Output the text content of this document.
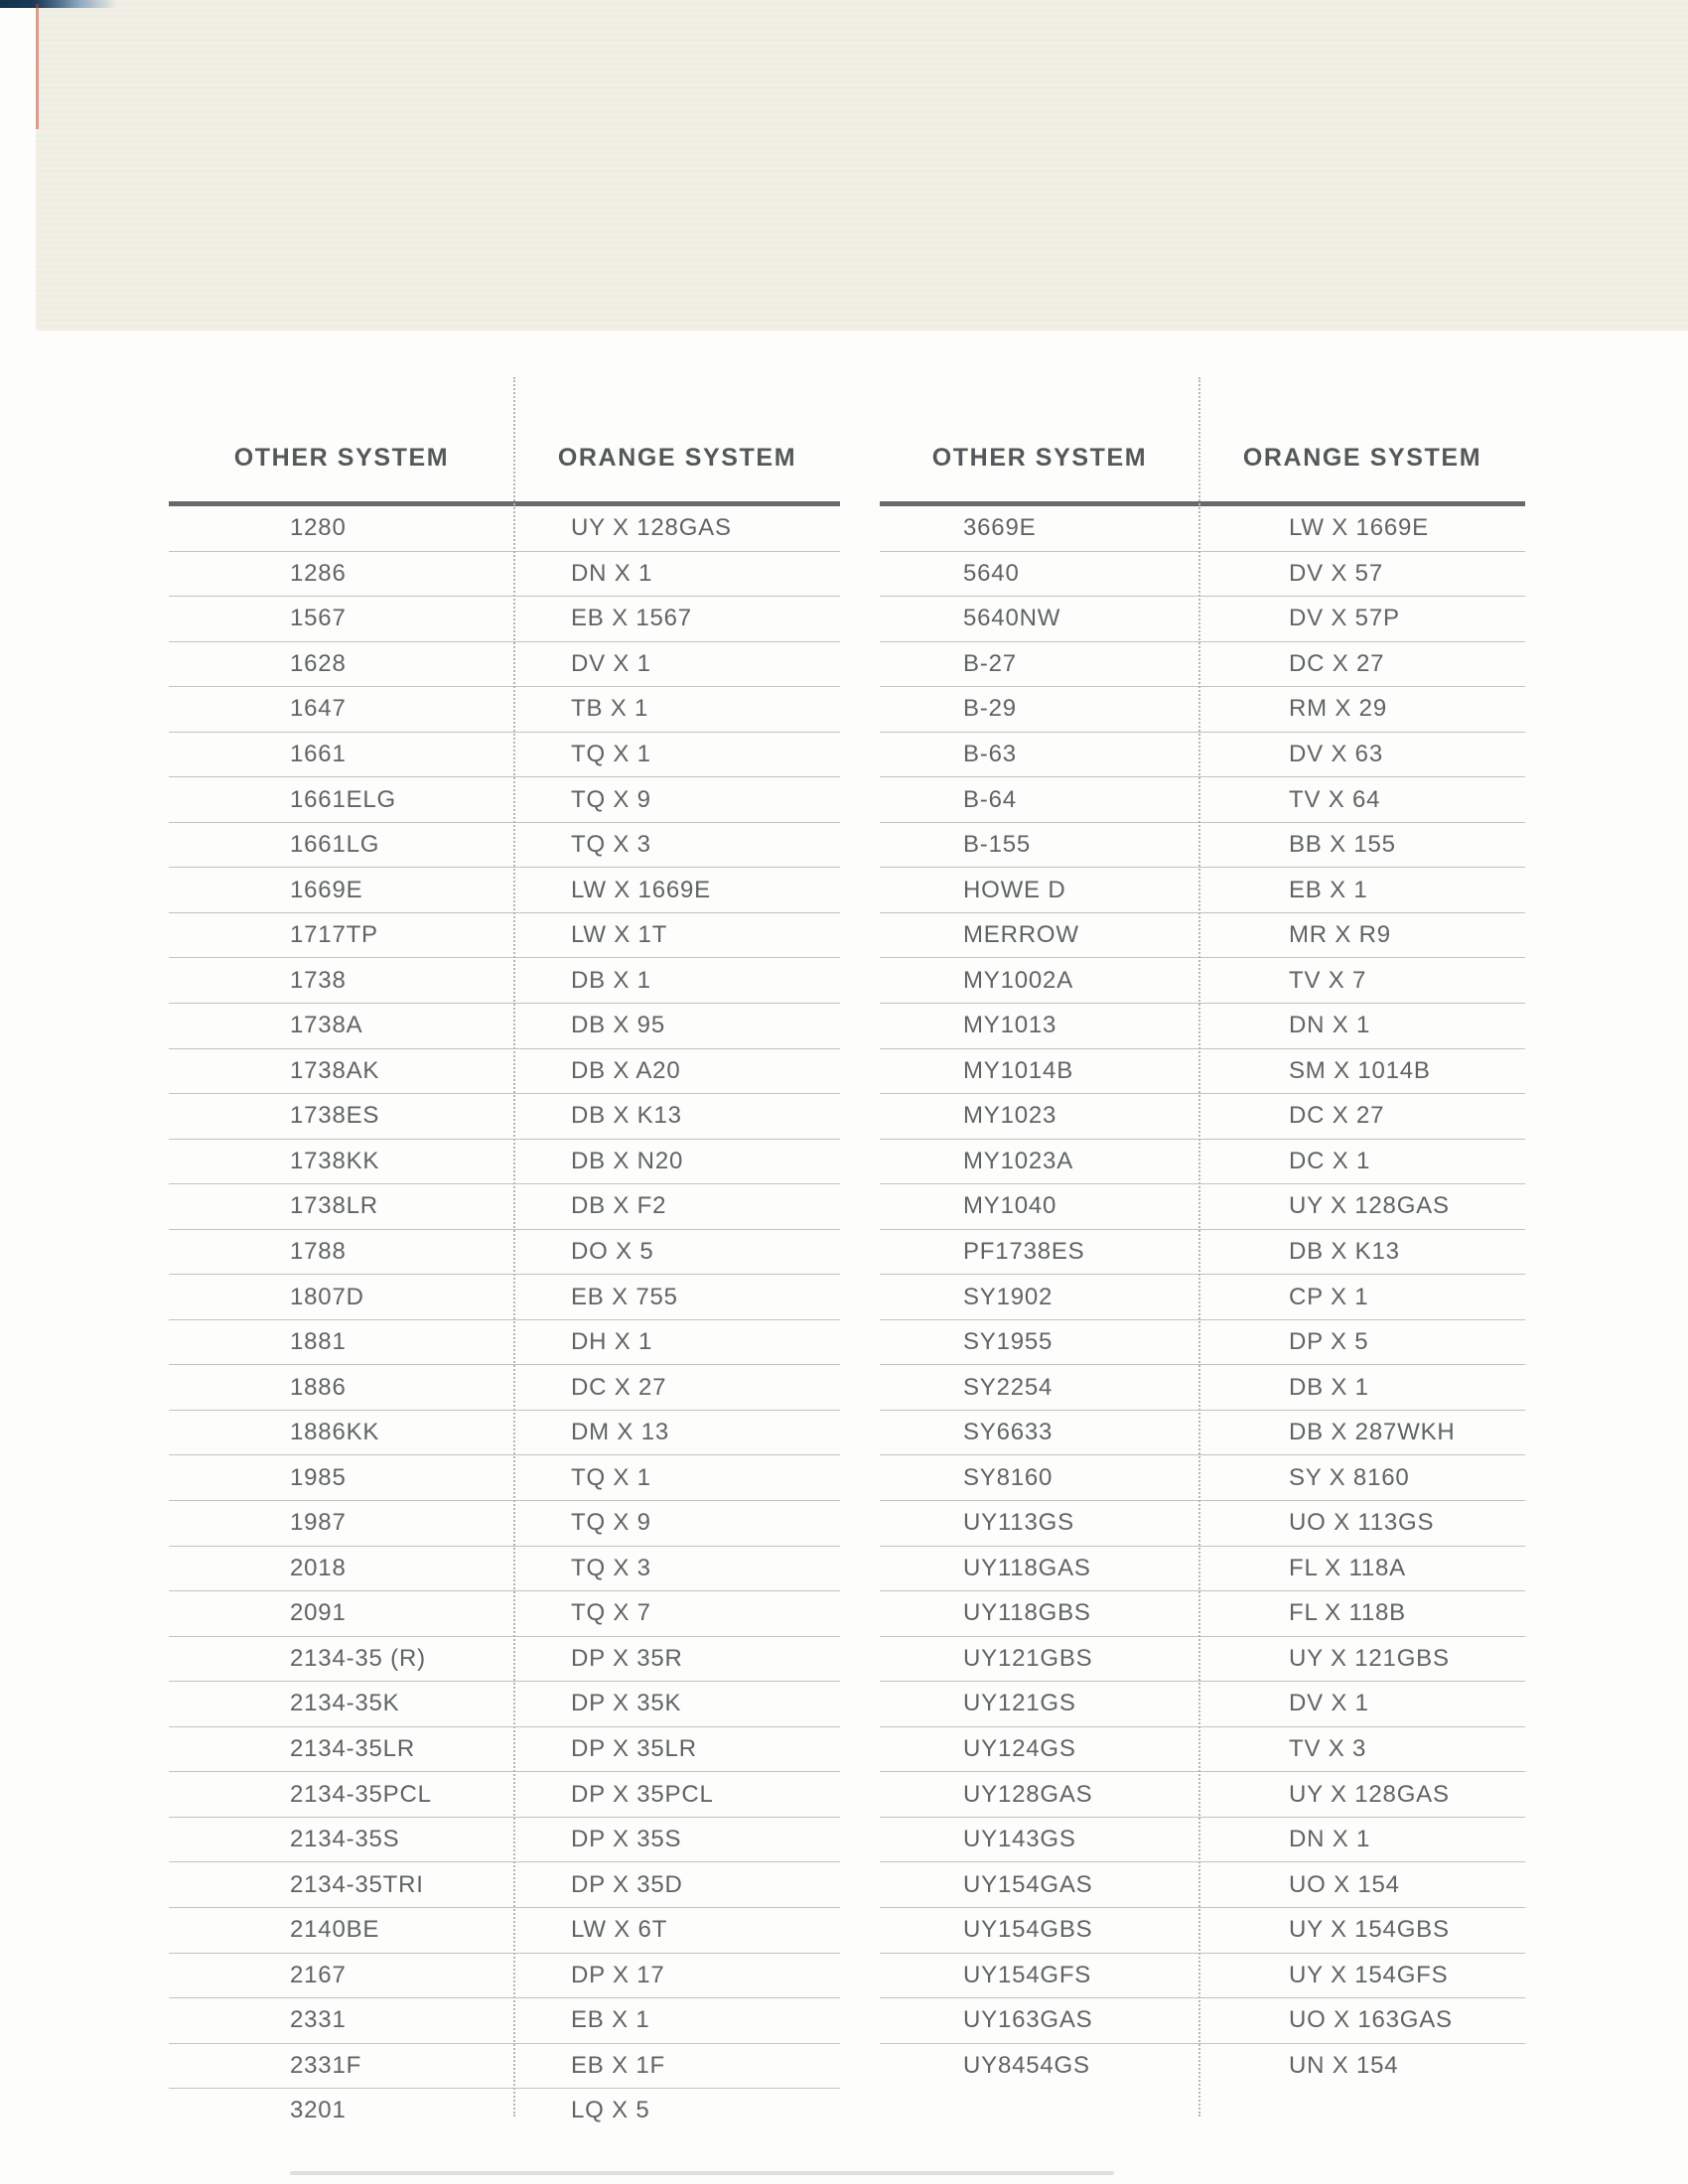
OTHER SYSTEM	ORANGE SYSTEM
1280	UY X 128GAS
1286	DN X 1
1567	EB X 1567
1628	DV X 1
1647	TB X 1
1661	TQ X 1
1661ELG	TQ X 9
1661LG	TQ X 3
1669E	LW X 1669E
1717TP	LW X 1T
1738	DB X 1
1738A	DB X 95
1738AK	DB X A20
1738ES	DB X K13
1738KK	DB X N20
1738LR	DB X F2
1788	DO X 5
1807D	EB X 755
1881	DH X 1
1886	DC X 27
1886KK	DM X 13
1985	TQ X 1
1987	TQ X 9
2018	TQ X 3
2091	TQ X 7
2134-35 (R)	DP X 35R
2134-35K	DP X 35K
2134-35LR	DP X 35LR
2134-35PCL	DP X 35PCL
2134-35S	DP X 35S
2134-35TRI	DP X 35D
2140BE	LW X 6T
2167	DP X 17
2331	EB X 1
2331F	EB X 1F
3201	LQ X 5
OTHER SYSTEM	ORANGE SYSTEM
3669E	LW X 1669E
5640	DV X 57
5640NW	DV X 57P
B-27	DC X 27
B-29	RM X 29
B-63	DV X 63
B-64	TV X 64
B-155	BB X 155
HOWE D	EB X 1
MERROW	MR X R9
MY1002A	TV X 7
MY1013	DN X 1
MY1014B	SM X 1014B
MY1023	DC X 27
MY1023A	DC X 1
MY1040	UY X 128GAS
PF1738ES	DB X K13
SY1902	CP X 1
SY1955	DP X 5
SY2254	DB X 1
SY6633	DB X 287WKH
SY8160	SY X 8160
UY113GS	UO X 113GS
UY118GAS	FL X 118A
UY118GBS	FL X 118B
UY121GBS	UY X 121GBS
UY121GS	DV X 1
UY124GS	TV X 3
UY128GAS	UY X 128GAS
UY143GS	DN X 1
UY154GAS	UO X 154
UY154GBS	UY X 154GBS
UY154GFS	UY X 154GFS
UY163GAS	UO X 163GAS
UY8454GS	UN X 154
